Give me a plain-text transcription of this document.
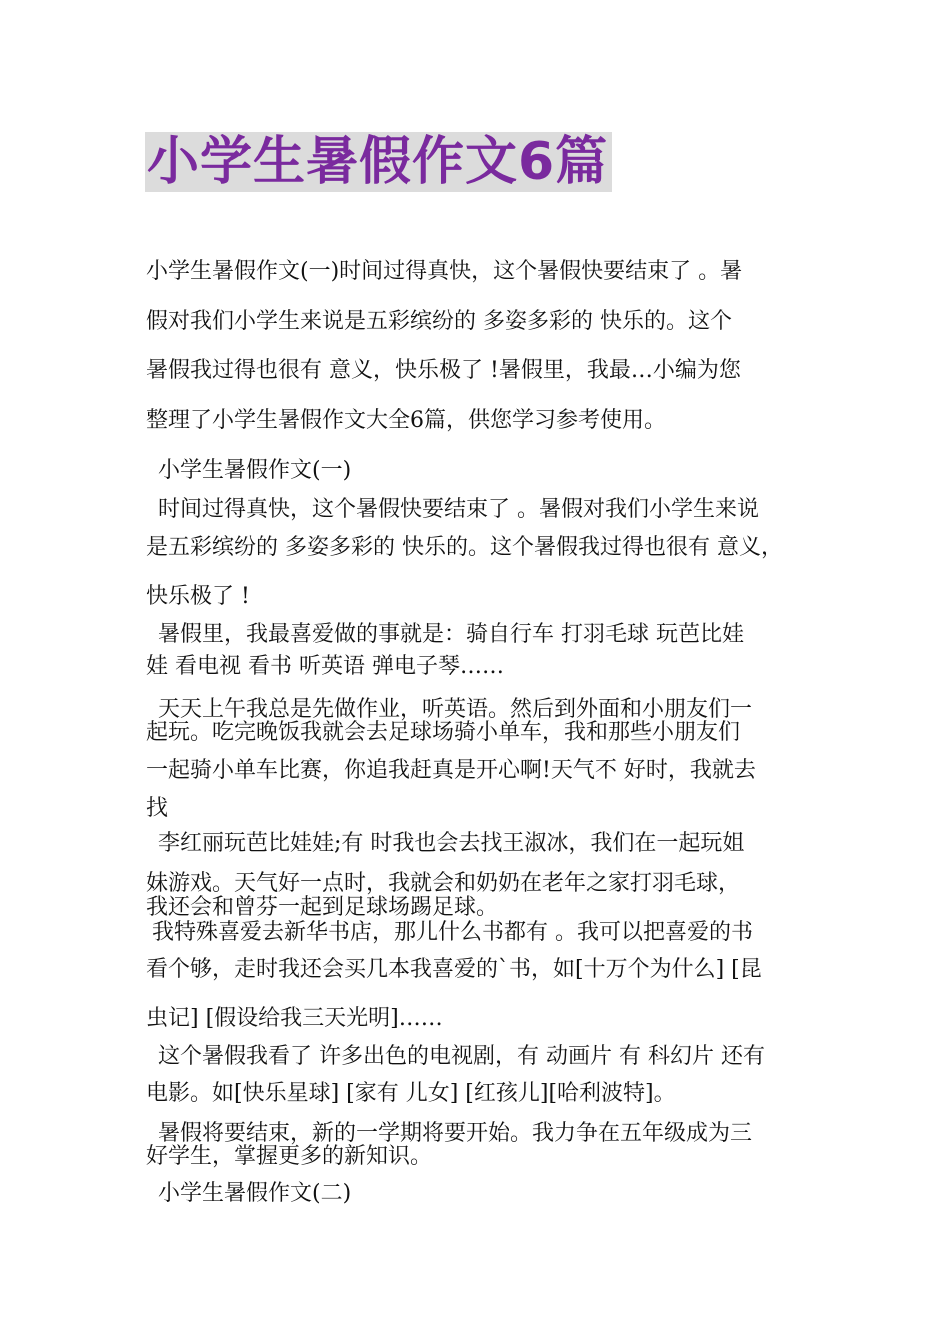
小学生暑假作文6篇
小学生暑假作文(一)时间过得真快，这个暑假快要结束了 。暑
假对我们小学生来说是五彩缤纷的 多姿多彩的 快乐的。这个
暑假我过得也很有 意义，快乐极了 !暑假里，我最…小编为您
整理了小学生暑假作文大全6篇，供您学习参考使用。
小学生暑假作文(一)
时间过得真快，这个暑假快要结束了 。暑假对我们小学生来说
是五彩缤纷的 多姿多彩的 快乐的。这个暑假我过得也很有 意义，
快乐极了 !
暑假里，我最喜爱做的事就是：骑自行车 打羽毛球 玩芭比娃
娃 看电视 看书 听英语 弹电子琴……
天天上午我总是先做作业，听英语。然后到外面和小朋友们一
起玩。吃完晚饭我就会去足球场骑小单车，我和那些小朋友们
一起骑小单车比赛，你追我赶真是开心啊!天气不 好时，我就去
找
李红丽玩芭比娃娃;有 时我也会去找王淑冰，我们在一起玩姐
妹游戏。天气好一点时，我就会和奶奶在老年之家打羽毛球，
我还会和曾芬一起到足球场踢足球。
我特殊喜爱去新华书店，那儿什么书都有 。我可以把喜爱的书
看个够，走时我还会买几本我喜爱的`书，如[十万个为什么] [昆
虫记] [假设给我三天光明]……
这个暑假我看了 许多出色的电视剧，有 动画片 有 科幻片 还有
电影。如[快乐星球] [家有 儿女] [红孩儿][哈利波特]。
暑假将要结束，新的一学期将要开始。我力争在五年级成为三
好学生，掌握更多的新知识。
小学生暑假作文(二)
